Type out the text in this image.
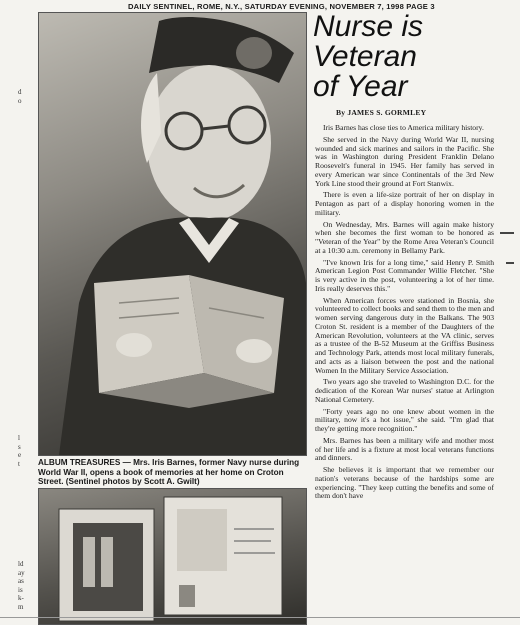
DAILY SENTINEL, ROME, N.Y., SATURDAY EVENING, NOVEMBER 7, 1998 PAGE 3
d
o
l
s
e
t
ld
ay
as
is
k-
m
ALBUM TREASURES — Mrs. Iris Barnes, former Navy nurse during World War II, opens a book of memories at her home on Croton Street. (Sentinel photos by Scott A. Gwilt)
Nurse is
Veteran
of Year
By JAMES S. GORMLEY

Iris Barnes has close ties to America military history.

She served in the Navy during World War II, nursing wounded and sick marines and sailors in the Pacific. She was in Washington during President Franklin Delano Roosevelt's funeral in 1945. Her family has served in every American war since Continentals of the 3rd New York Line stood their ground at Fort Stanwix.

There is even a life-size portrait of her on display in Pentagon as part of a display honoring women in the military.

On Wednesday, Mrs. Barnes will again make history when she becomes the first woman to be honored as "Veteran of the Year" by the Rome Area Veteran's Council at a 10:30 a.m. ceremony in Bellamy Park.

"I've known Iris for a long time," said Henry P. Smith American Legion Post Commander Willie Fletcher. "She is very active in the post, volunteering a lot of her time. Iris really deserves this."

When American forces were stationed in Bosnia, she volunteered to collect books and send them to the men and women serving dangerous duty in the Balkans. The 903 Croton St. resident is a member of the Daughters of the American Revolution, volunteers at the VA clinic, serves as a trustee of the B-52 Museum at the Griffiss Business and Technology Park, attends most local military funerals, and acts as a liaison between the post and the national Women In the Military Service Association.

Two years ago she traveled to Washington D.C. for the dedication of the Korean War nurses' statue at Arlington National Cemetery.

"Forty years ago no one knew about women in the military, now it's a hot issue," she said. "I'm glad that they're getting more recognition."

Mrs. Barnes has been a military wife and mother most of her life and is a fixture at most local veterans functions and dinners.

She believes it is important that we remember our nation's veterans because of the hardships some are experiencing. "They keep cutting the benefits and some of them don't have
